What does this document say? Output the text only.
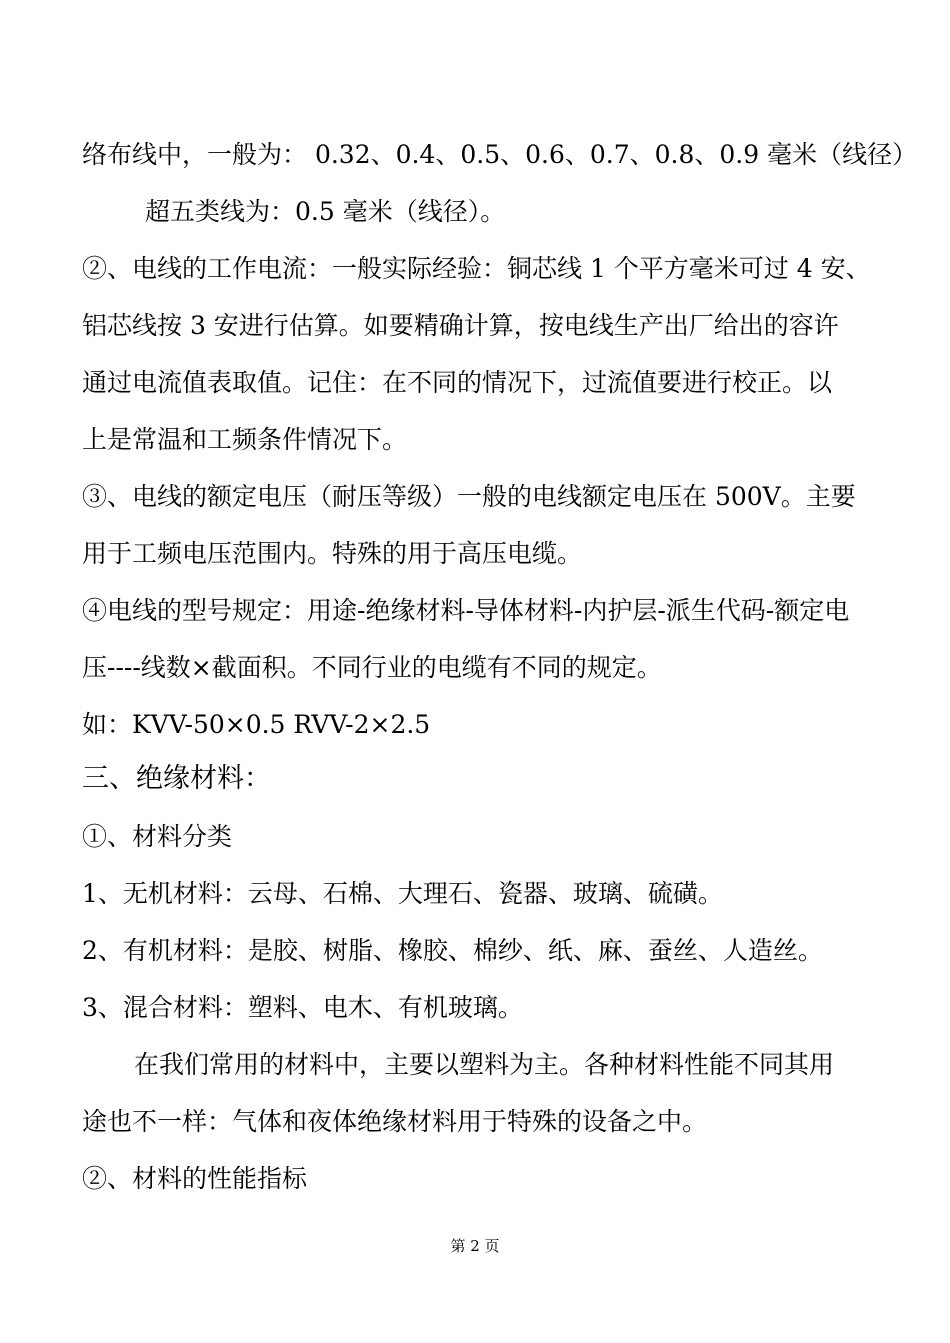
络布线中，一般为： 0.32、0.4、0.5、0.6、0.7、0.8、0.9 毫米（线径）
超五类线为：0.5 毫米（线径）。
②、电线的工作电流：一般实际经验：铜芯线 1 个平方毫米可过 4 安、
铝芯线按 3 安进行估算。如要精确计算，按电线生产出厂给出的容许
通过电流值表取值。记住：在不同的情况下，过流值要进行校正。以
上是常温和工频条件情况下。
③、电线的额定电压（耐压等级）一般的电线额定电压在 500V。主要
用于工频电压范围内。特殊的用于高压电缆。
④电线的型号规定：用途-绝缘材料-导体材料-内护层-派生代码-额定电
压----线数×截面积。不同行业的电缆有不同的规定。
如：KVV-50×0.5 RVV-2×2.5
三、绝缘材料：
①、材料分类
1、无机材料：云母、石棉、大理石、瓷器、玻璃、硫磺。
2、有机材料：是胶、树脂、橡胶、棉纱、纸、麻、蚕丝、人造丝。
3、混合材料：塑料、电木、有机玻璃。
在我们常用的材料中，主要以塑料为主。各种材料性能不同其用
途也不一样：气体和夜体绝缘材料用于特殊的设备之中。
②、材料的性能指标
第 2 页
